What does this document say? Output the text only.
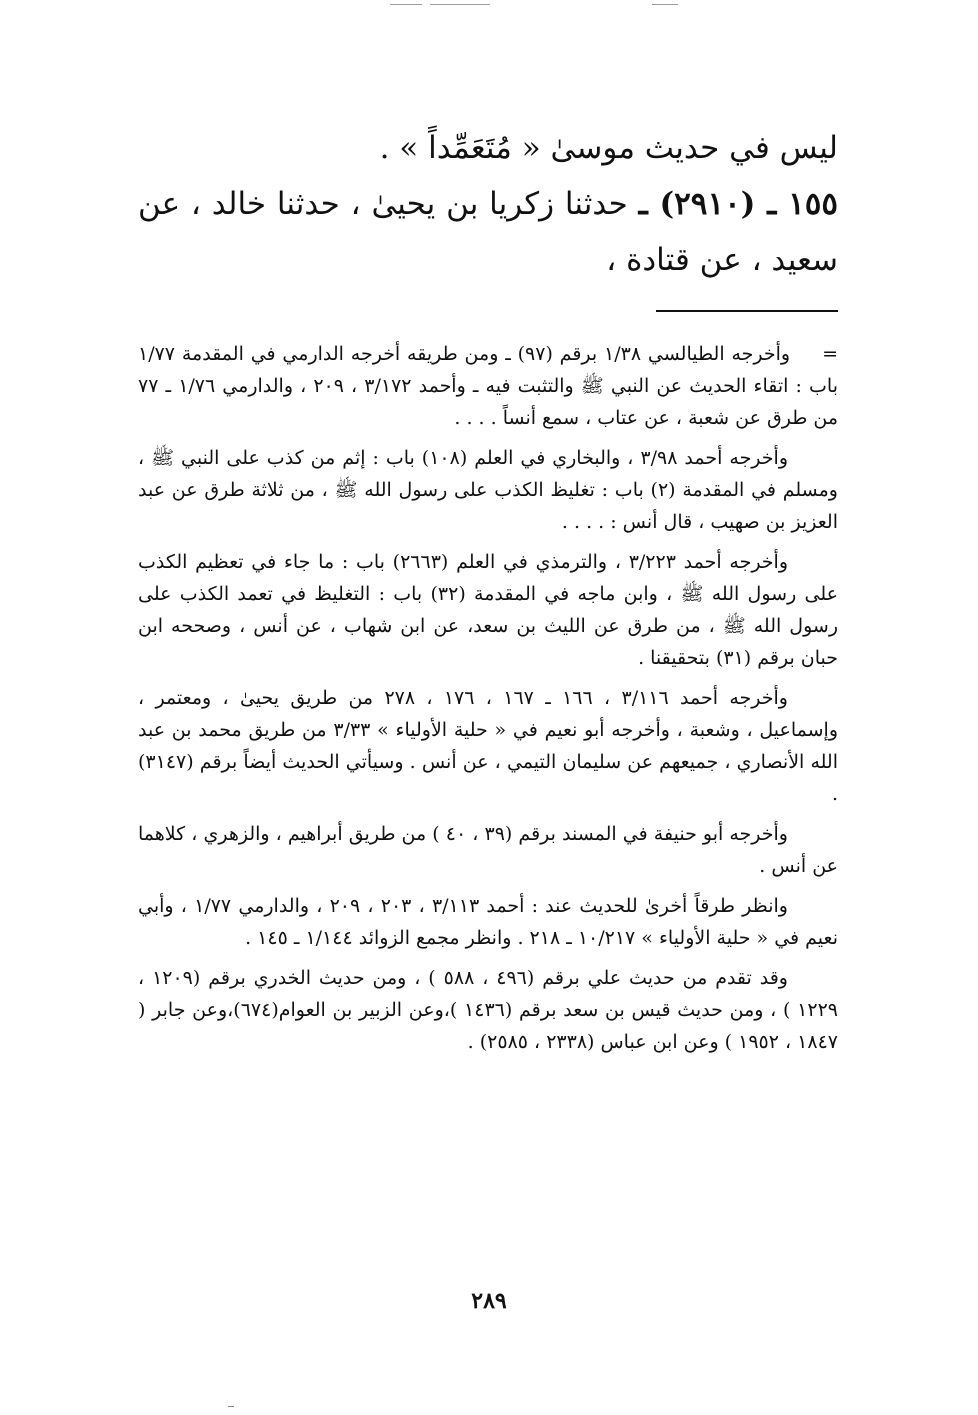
ليس في حديث موسىٰ « مُتَعَمِّداً » .

١٥٥ ـ (٢٩١٠) ـ حدثنا زكريا بن يحيىٰ ، حدثنا خالد ، عن سعيد ، عن قتادة ،

=وأخرجه الطيالسي ١/٣٨ برقم (٩٧) ـ ومن طريقه أخرجه الدارمي في المقدمة ١/٧٧ باب : اتقاء الحديث عن النبي ﷺ والتثبت فيه ـ وأحمد ٣/١٧٢ ، ٢٠٩ ، والدارمي ١/٧٦ ـ ٧٧ من طرق عن شعبة ، عن عتاب ، سمع أنساً . . . .

وأخرجه أحمد ٣/٩٨ ، والبخاري في العلم (١٠٨) باب : إثم من كذب على النبي ﷺ ، ومسلم في المقدمة (٢) باب : تغليظ الكذب على رسول الله ﷺ ، من ثلاثة طرق عن عبد العزيز بن صهيب ، قال أنس : . . . .

وأخرجه أحمد ٣/٢٢٣ ، والترمذي في العلم (٢٦٦٣) باب : ما جاء في تعظيم الكذب على رسول الله ﷺ ، وابن ماجه في المقدمة (٣٢) باب : التغليظ في تعمد الكذب على رسول الله ﷺ ، من طرق عن الليث بن سعد، عن ابن شهاب ، عن أنس ، وصححه ابن حبان برقم (٣١) بتحقيقنا .

وأخرجه أحمد ٣/١١٦ ، ١٦٦ ـ ١٦٧ ، ١٧٦ ، ٢٧٨ من طريق يحيىٰ ، ومعتمر ، وإسماعيل ، وشعبة ، وأخرجه أبو نعيم في « حلية الأولياء » ٣/٣٣ من طريق محمد بن عبد الله الأنصاري ، جميعهم عن سليمان التيمي ، عن أنس . وسيأتي الحديث أيضاً برقم (٣١٤٧) .

وأخرجه أبو حنيفة في المسند برقم (٣٩ ، ٤٠ ) من طريق أبراهيم ، والزهري ، كلاهما عن أنس .

وانظر طرقاً أخرىٰ للحديث عند : أحمد ٣/١١٣ ، ٢٠٣ ، ٢٠٩ ، والدارمي ١/٧٧ ، وأبي نعيم في « حلية الأولياء » ١٠/٢١٧ ـ ٢١٨ . وانظر مجمع الزوائد ١/١٤٤ ـ ١٤٥ .

وقد تقدم من حديث علي برقم (٤٩٦ ، ٥٨٨ ) ، ومن حديث الخدري برقم (١٢٠٩ ، ١٢٢٩ ) ، ومن حديث قيس بن سعد برقم (١٤٣٦ )،وعن الزبير بن العوام(٦٧٤)،وعن جابر ( ١٨٤٧ ، ١٩٥٢ ) وعن ابن عباس (٢٣٣٨ ، ٢٥٨٥) .

٢٨٩
